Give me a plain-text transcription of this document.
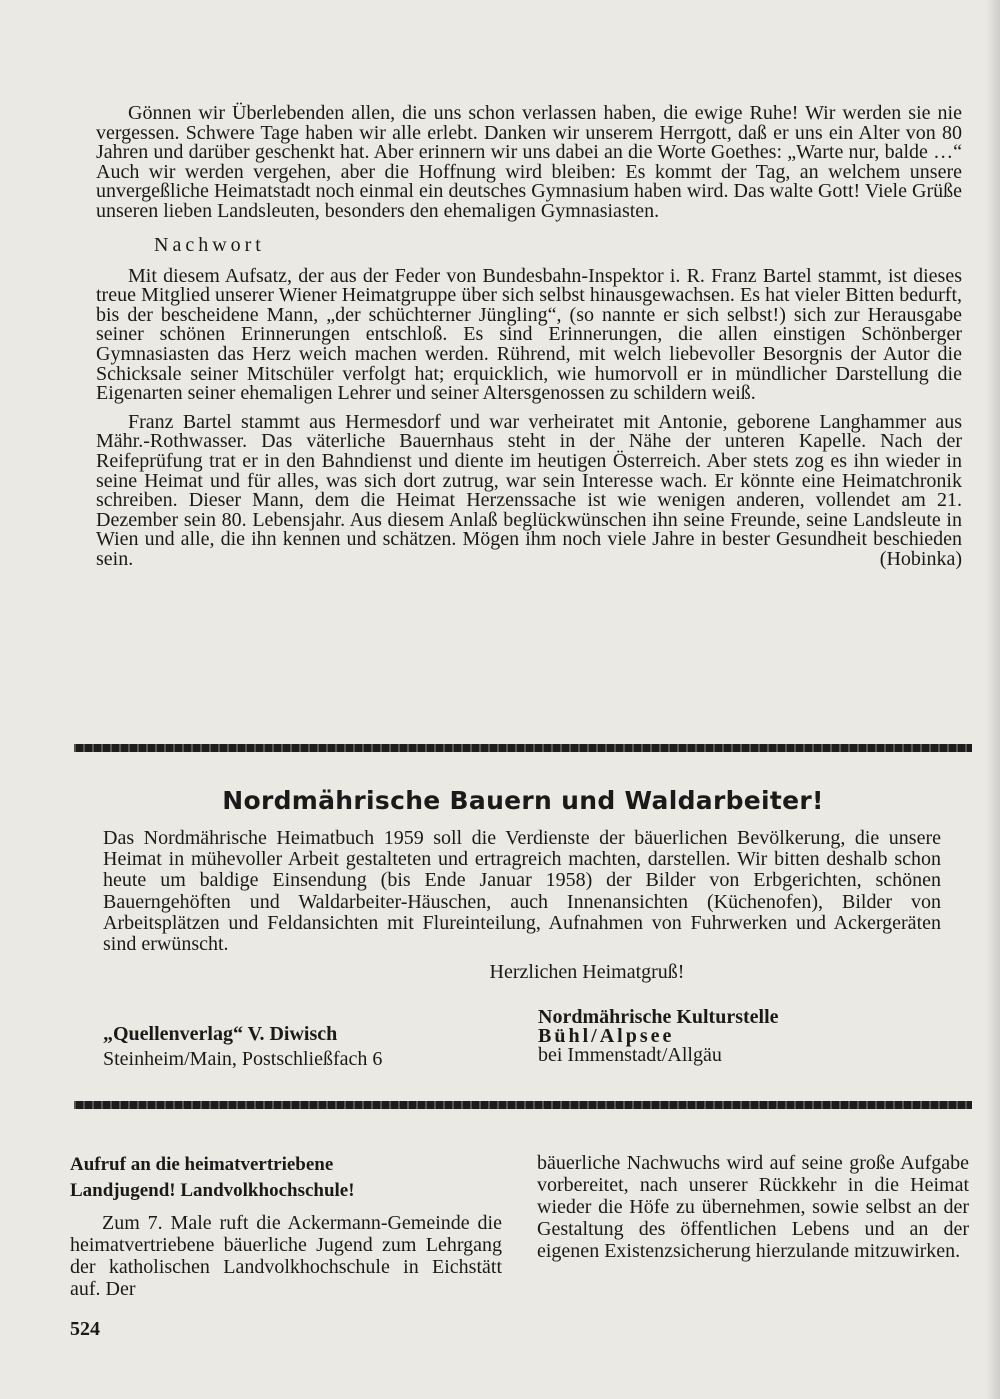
Gönnen wir Überlebenden allen, die uns schon verlassen haben, die ewige Ruhe! Wir werden sie nie vergessen. Schwere Tage haben wir alle erlebt. Danken wir unserem Herrgott, daß er uns ein Alter von 80 Jahren und darüber geschenkt hat. Aber erinnern wir uns dabei an die Worte Goethes: „Warte nur, balde …“ Auch wir werden vergehen, aber die Hoffnung wird bleiben: Es kommt der Tag, an welchem unsere unvergeßliche Heimatstadt noch einmal ein deutsches Gymnasium haben wird. Das walte Gott! Viele Grüße unseren lieben Landsleuten, besonders den ehemaligen Gymnasiasten.

Nachwort

Mit diesem Aufsatz, der aus der Feder von Bundesbahn-Inspektor i. R. Franz Bartel stammt, ist dieses treue Mitglied unserer Wiener Heimatgruppe über sich selbst hinausgewachsen. Es hat vieler Bitten bedurft, bis der bescheidene Mann, „der schüchterner Jüngling“, (so nannte er sich selbst!) sich zur Herausgabe seiner schönen Erinnerungen entschloß. Es sind Erinnerungen, die allen einstigen Schönberger Gymnasiasten das Herz weich machen werden. Rührend, mit welch liebevoller Besorgnis der Autor die Schicksale seiner Mitschüler verfolgt hat; erquicklich, wie humorvoll er in mündlicher Darstellung die Eigenarten seiner ehemaligen Lehrer und seiner Altersgenossen zu schildern weiß.

Franz Bartel stammt aus Hermesdorf und war verheiratet mit Antonie, geborene Langhammer aus Mähr.-Rothwasser. Das väterliche Bauernhaus steht in der Nähe der unteren Kapelle. Nach der Reifeprüfung trat er in den Bahndienst und diente im heutigen Österreich. Aber stets zog es ihn wieder in seine Heimat und für alles, was sich dort zutrug, war sein Interesse wach. Er könnte eine Heimatchronik schreiben. Dieser Mann, dem die Heimat Herzenssache ist wie wenigen anderen, vollendet am 21. Dezember sein 80. Lebensjahr. Aus diesem Anlaß beglückwünschen ihn seine Freunde, seine Landsleute in Wien und alle, die ihn kennen und schätzen. Mögen ihm noch viele Jahre in bester Gesundheit beschieden sein.	(Hobinka)

Nordmährische Bauern und Waldarbeiter!

Das Nordmährische Heimatbuch 1959 soll die Verdienste der bäuerlichen Bevölkerung, die unsere Heimat in mühevoller Arbeit gestalteten und ertragreich machten, darstellen. Wir bitten deshalb schon heute um baldige Einsendung (bis Ende Januar 1958) der Bilder von Erbgerichten, schönen Bauerngehöften und Waldarbeiter-Häuschen, auch Innenansichten (Küchenofen), Bilder von Arbeitsplätzen und Feldansichten mit Flureinteilung, Aufnahmen von Fuhrwerken und Ackergeräten sind erwünscht.

Herzlichen Heimatgruß!

„Quellenverlag“ V. Diwisch
Steinheim/Main, Postschließfach 6
Nordmährische Kulturstelle
Bühl/Alpsee
bei Immenstadt/Allgäu
Aufruf an die heimatvertriebene
Landjugend! Landvolkhochschule!

Zum 7. Male ruft die Ackermann-Gemeinde die heimatvertriebene bäuerliche Jugend zum Lehrgang der katholischen Landvolkhochschule in Eichstätt auf. Der

bäuerliche Nachwuchs wird auf seine große Aufgabe vorbereitet, nach unserer Rückkehr in die Heimat wieder die Höfe zu übernehmen, sowie selbst an der Gestaltung des öffentlichen Lebens und an der eigenen Existenzsicherung hierzulande mitzuwirken.

524
